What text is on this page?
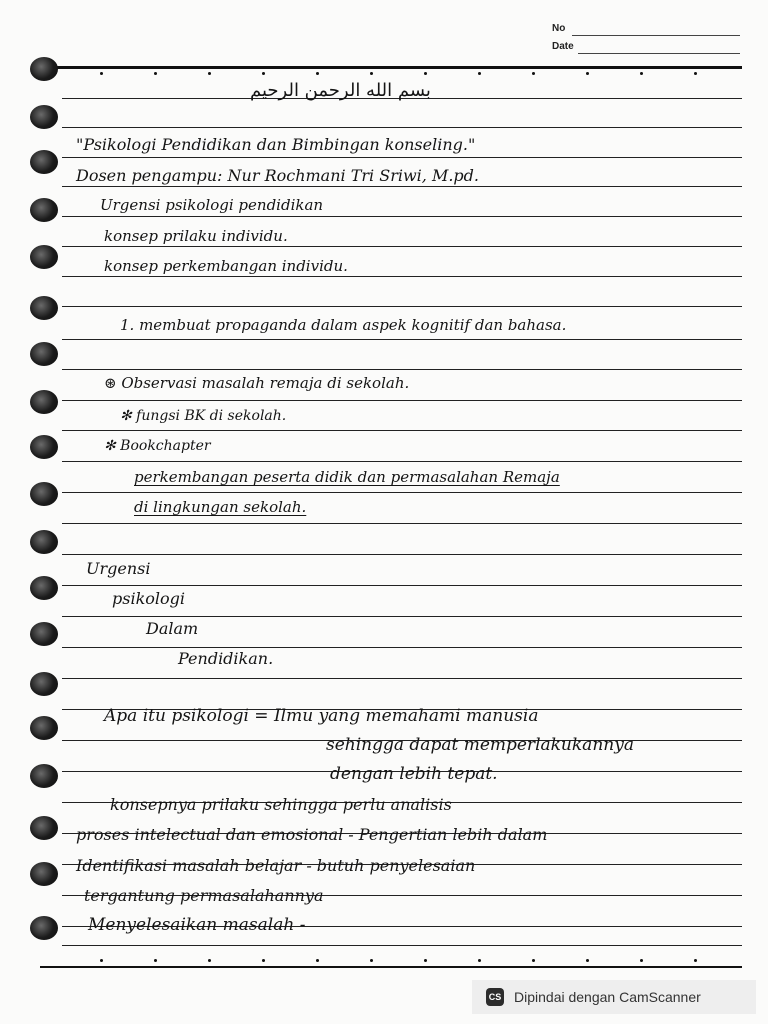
No
Date
بسم الله الرحمن الرحيم
"Psikologi Pendidikan dan Bimbingan konseling."
Dosen pengampu: Nur Rochmani Tri Sriwi, M.pd.
Urgensi psikologi pendidikan
konsep prilaku individu.
konsep perkembangan individu.
1. membuat propaganda dalam aspek kognitif dan bahasa.
⊛ Observasi masalah remaja di sekolah.
✻ fungsi BK di sekolah.
✻ Bookchapter
perkembangan peserta didik dan permasalahan Remaja
di lingkungan sekolah.
Urgensi
psikologi
Dalam
Pendidikan.
Apa itu psikologi = Ilmu yang memahami manusia
sehingga dapat memperlakukannya
dengan lebih tepat.
konsepnya prilaku sehingga perlu analisis
proses intelectual dan emosional - Pengertian lebih dalam
Identifikasi masalah belajar - butuh penyelesaian
tergantung permasalahannya
Menyelesaikan masalah -
CS Dipindai dengan CamScanner
